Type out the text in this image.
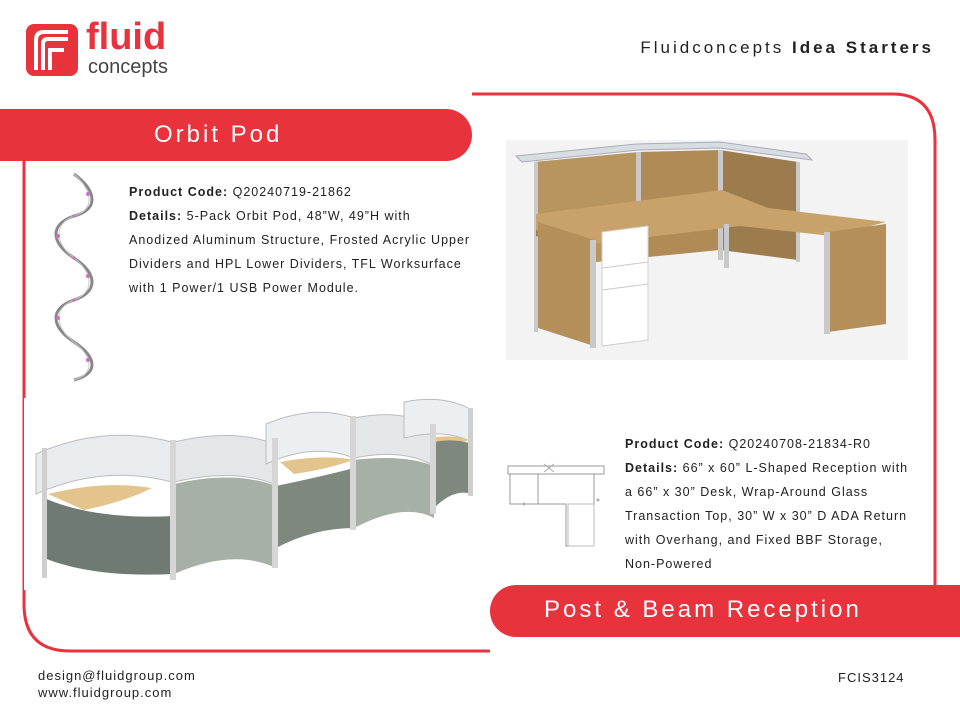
fluid
concepts
Fluidconcepts Idea Starters
Orbit Pod
Product Code: Q20240719-21862
Details: 5-Pack Orbit Pod, 48”W, 49”H with Anodized Aluminum Structure, Frosted Acrylic Upper Dividers and HPL Lower Dividers, TFL Worksurface with 1 Power/1 USB Power Module.
Product Code: Q20240708-21834-R0
Details: 66” x 60” L-Shaped Reception with a 66” x 30” Desk, Wrap-Around Glass Transaction Top, 30” W x 30” D ADA Return with Overhang, and Fixed BBF Storage, Non-Powered
Post & Beam Reception
design@fluidgroup.com
www.fluidgroup.com
FCIS3124
